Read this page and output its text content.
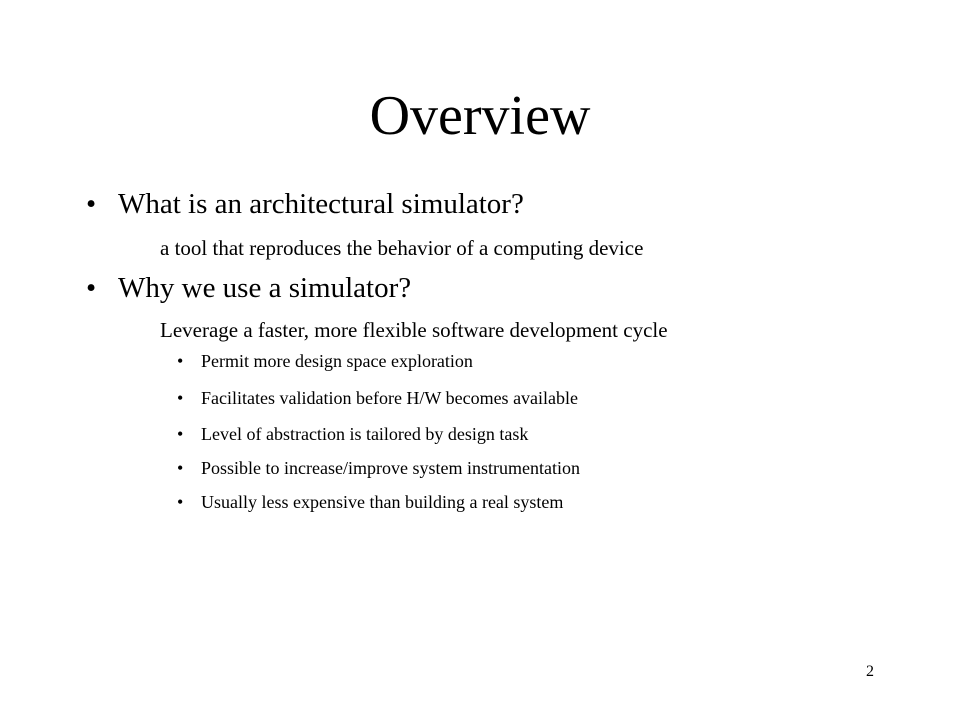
Overview
• What is an architectural simulator?
a tool that reproduces the behavior of a computing device
• Why we use a simulator?
Leverage a faster, more flexible software development cycle
• Permit more design space exploration
• Facilitates validation before H/W becomes available
• Level of abstraction is tailored by design task
• Possible to increase/improve system instrumentation
• Usually less expensive than building a real system
2
